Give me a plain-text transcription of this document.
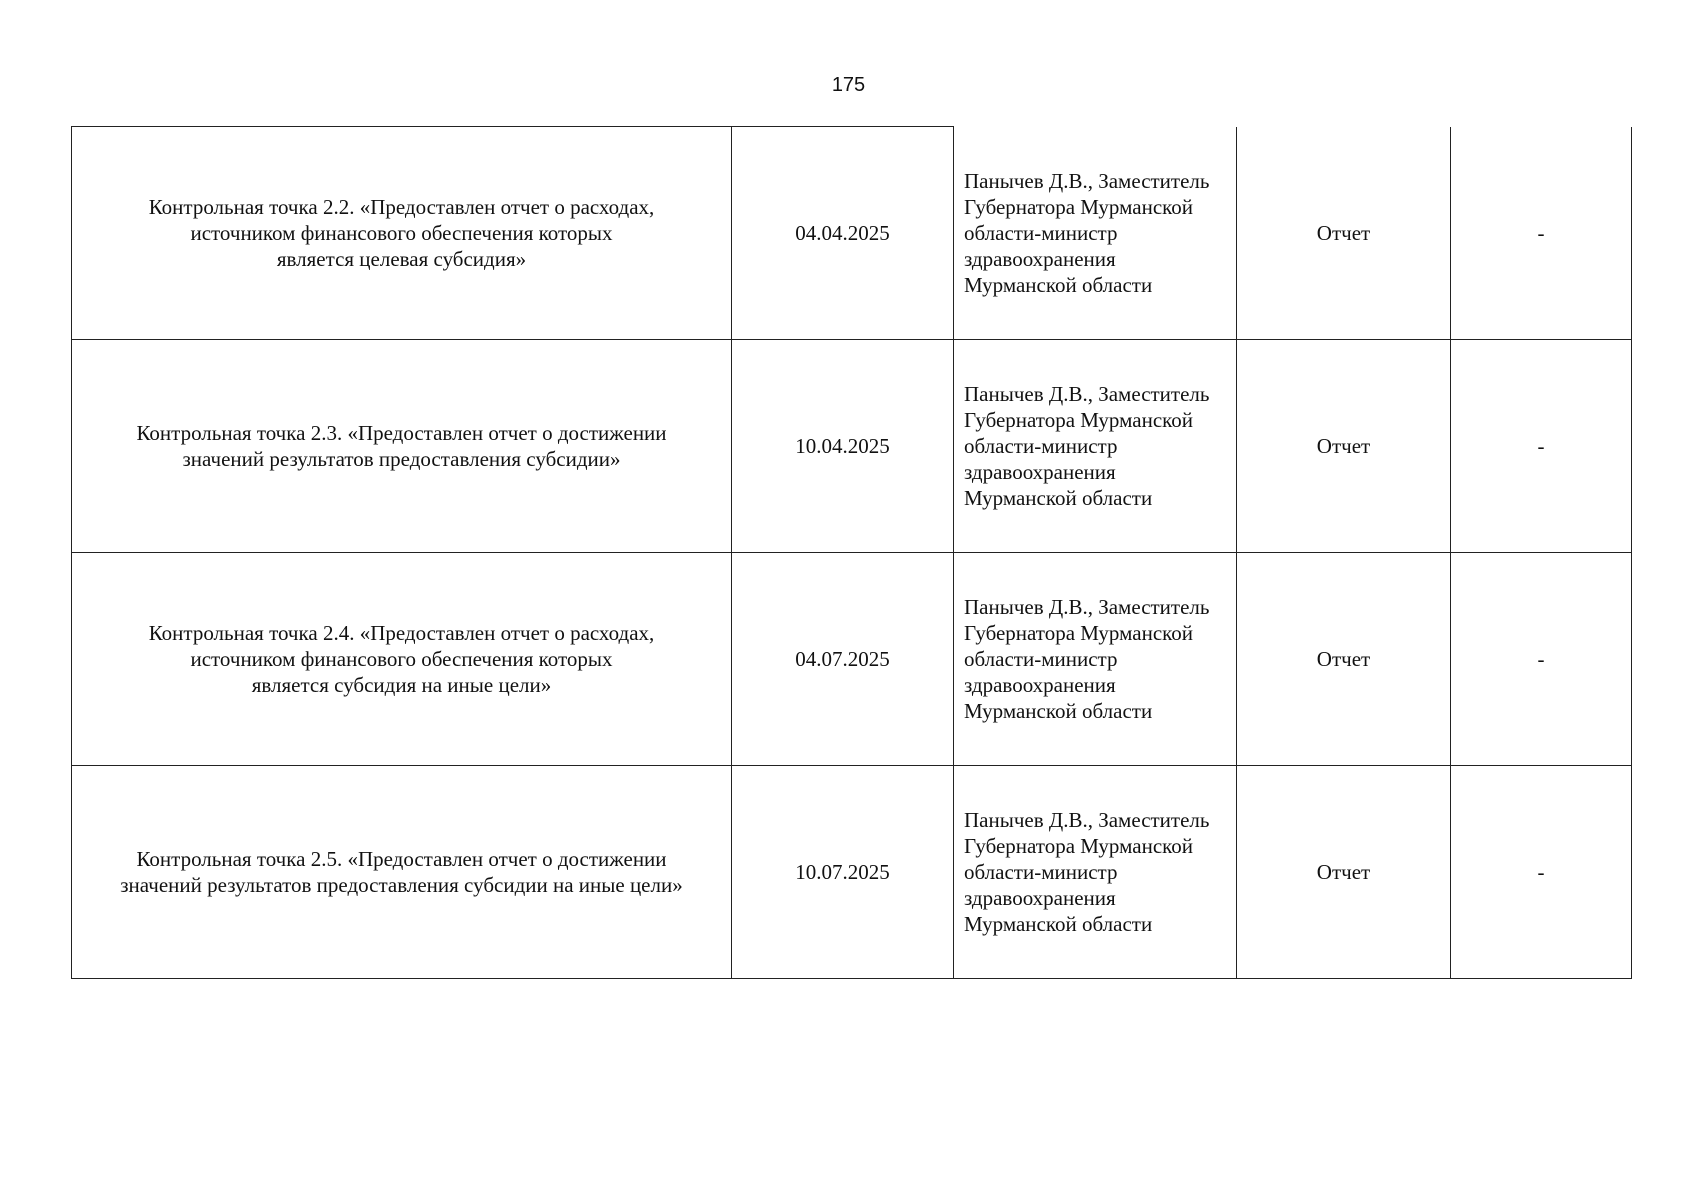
175
Контрольная точка 2.2. «Предоставлен отчет о расходах,
источником финансового обеспечения которых
является целевая субсидия»	04.04.2025	Панычев Д.В., Заместитель Губернатора Мурманской области-министр здравоохранения Мурманской области	Отчет	-

Контрольная точка 2.3. «Предоставлен отчет о достижении
значений результатов предоставления субсидии»	10.04.2025	Панычев Д.В., Заместитель Губернатора Мурманской области-министр здравоохранения Мурманской области	Отчет	-

Контрольная точка 2.4. «Предоставлен отчет о расходах,
источником финансового обеспечения которых
является субсидия на иные цели»	04.07.2025	Панычев Д.В., Заместитель Губернатора Мурманской области-министр здравоохранения Мурманской области	Отчет	-

Контрольная точка 2.5. «Предоставлен отчет о достижении
значений результатов предоставления субсидии на иные цели»	10.07.2025	Панычев Д.В., Заместитель Губернатора Мурманской области-министр здравоохранения Мурманской области	Отчет	-
